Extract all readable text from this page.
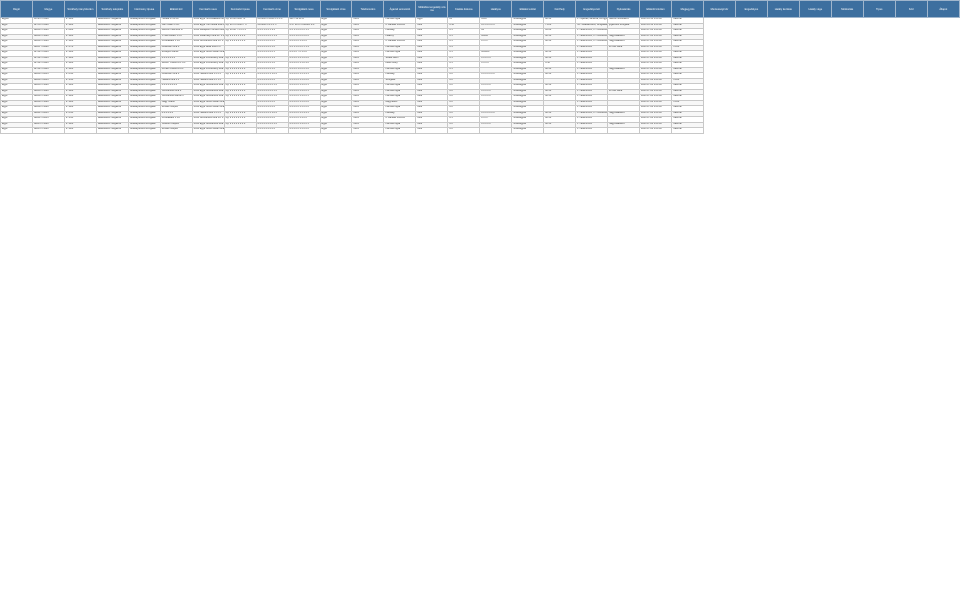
Régió	Megye	Székhely irányítószám	Székhely település	Intézmény típusa	Ellátotti kör	Fenntartó neve	Fenntartó típusa	Fenntartó címe	Szolgáltató neve	Szolgáltató címe	Telefonszám	Ágazati azonosító	Működési engedély száma	Kiadás dátuma	Hatályos	Ellátási terület	Férőhely	Engedélyezett	Nyitvatartás	Ellátotti létszám	Megjegyzés	Mentességi kör	Engedélyes	Hatály kezdete	Hatály vége	Módosítás	Típus	Kód	Állapot
Egyéb	06725 3 6586	8. 2/86	Bedeveszer megalivis	Szabálysértési szolgálat	Hivatal 0704 A8	0330 Egye Hozzávállalós ut	Gy. 06 80 8306 74	00-4034 6 8356 6 0 0 0	2017.12.12 a	Egyé	0001	Hármas foglal	egye	01	1603	Jóváhagyás	80.50	1 - Ajánlás, tanácsa, és egy	oklevél rendelkező	2005.05.12 1:00:00	Használ								
Egyé	02735 3 6586	8. 4/80	Bedeveszer megalivis	Szabálysértési szolgálat	CETONEN 0 KC	0330 Egyé Tóth utóda utca 8 8	Gy. 20 6 0 1063 7 4	00-6040 6 9 0 1 5	0 07 08 07 Kölcsön B 1.	Egyé	0001	0. Bárdiás Pénzes	utca	0.50	0.1 0 8 6 0 6	Jóváhagyás	71.80	33 - Adatkezelési, vizsgálatk	jogkezelő szolgálat	2005.05.12 1:00:00	Használ								
Egyé	02800 3 5026	8. 8/80	Bedeveszer megalivis	Szabálysértési szolgálat	Leonce Hallmunk B	0330 Budapest Honvéd utca	Gy. 06 80 7 3 0 0 4	0 0 0 5 0 6 5 9 4	0 0 1 5 0 0 0 0 1 3	Egyé	0001	Hatóság	utca	0.1	04	Jóváhagyás	83.60	1 - Ellenőrzés, 4 - Összetűzés		2005.07.06 1:00:00	Használ								
Egyé	02800 3 5026	8. 4/80	Bedeveszer megalivis	Szabálysértési szolgálat	STRASSLER 1 KC	0330 Vásárhelyi utca 80. 1 0	Gy. 2 0 6 0 1 0 6 0	0 0 0 0 0 0 0 5 1 4	0 0 0 1 2 0 0 0 8 6	Egyé	0001	Pálazsy	utca	0.1	06400	Jóváhagyás	80.50	1 - Ellenőrzés, 4 - Összetűzés	nagyvállalkozó	2005.07.06 1:00:00	Használ								
Egyé	02800 3 5026	8. 4/80	Bedeveszer megalivis	Szabálysértési szolgálat	Pézsfálkafé 1 KC	0330 Szentendre utca 14. 1	Gy. 2 0 0 6 0 5 0 6	0 0 0 0 0 8 0 0 0	0 0 0 0 0 1 4 0 0	Egyé	0001	0. Bárdiás Pénzes	utca	0.1	8 6 6 7	Jóváhagyás	80.50	1 - Ellenőrzés, 4 - Összetűzés	nagyvállalkozó	2005.07.06 1:00:00	Használ								
Egyé	02807 3 8020	8. 0/70	Bedeveszer megalivis	Szabálysértési szolgálat	Andersen utca 6	0330 Egyé Béke utca 6 6		0 0 0 0 0 0 0 5 0	0 0 1 5 0 6 0 5 1 4	Egyé	0001	Hármas foglal	utca	0.4		Jóváhagyás		1 - Ellenőrzés	ez van hátra	2005.07.06 1:00:00	Törölt								
Egyé	02781 3 6403	8. 4/80	Bedeveszer megalivis	Szabálysértési szolgálat	Mihálydó János	0330 Egyé Szent István utca		0 0 0 0 0 0 6 0 5	0 0 0 0 7 0 1 0 8	Egyé	0001	Hármas foglal	utca	0.1	000000	Jóváhagyás	80.50	1 - Ellenőrzés		2005.07.06 1:00:00	Használ								
Egyé	02781 3 6403	8. 4/80	Bedeveszer megalivis	Szabálysértési szolgálat	0.0.0.0.0.0.0	0330 Egyé Vörösmarty utca 0 6	Gy. 2 0 0 4 0 3 4 0	0 0 0 0 0 0 6 1 4	0 0 0 0 1 4 5 0 6 0	Egyé	0001	Szalai Jelen	utca	0.1	0 0 8 6 6	Jóváhagyás	80.50	1 - Ellenőrzés		2005.07.06 1:00:00	Használ								
Egyé	02781 3 6403	8. 4/80	Bedeveszer megalivis	Szabálysértési szolgálat	BAKAT OLEPKA 1 KC	0330 Egyé Vörösmarty utca 0 6	Gy. 2 0 0 4 0 6 0 6	0 0 0 0 0 0 6 5 0	0 0 0 0 0 1 5 8 4 0	Egyé	0001	Kalos Iosky	utca	0.1	0 6 6 6	Jóváhagyás	0.50	1 - Ellenőrzés		2005.07.06 1:00:00	Használ								
Egyé	02781 3 6403	8. 4/80	Bedeveszer megalivis	Szabálysértési szolgálat	PATEN OLEPKA KC	0330 Egyé Vörösmarty utca 0 6	Gy. 2 0 0 4 0 6 0 6	0 0 0 0 0 0 6 5 0	0 0 0 0 1 2 2 0 3 2	Egyé	0001	Hármas foglal	utca	0.1		Jóváhagyás	80.50	1 - Ellenőrzés	nagyvállalkozó	2005.07.06 1:00:00	Használ								
Egyé	02800 3 8013	8. 8/13	Bedeveszer megalivis	Szabálysértési szolgálat	Andersen utca 6	0330 Hatvani utca 1 6 0 0	Gy. 2 0 6 0 1 0 6 8	0 0 0 0 0 0 3 1 8 6	0 0 0 0 0 1 3 4 4 5	Egyé	0001	Hatóság	utca	0.0	0 0 0 0 0 0 0	Jóváhagyás	80.50	1 - Ellenőrzés		2005.07.06 1:00:00	Használ								
Egyé	02800 3 8013	8. 4/13	Bedeveszer megalivis	Szabálysértési szolgálat	Hatvani utca 2 6	0330 Hatvani utca 2 0 1 0		0 0 0 0 0 0 0 0 0	0 0 0 0 0 1 3 2 0 0	Egyé	0001	Szolgálat	utca	0.0		Jóváhagyás		1 - Ellenőrzés		2005.07.06 1:00:00	Törölt								
Egyé	02803 3 5026	8. 4/80	Bedeveszer megalivis	Szabálysértési szolgálat	0.0.0.0.0.0.0.0	0330 Egyé Szentendre utca 0 0	Gy. 2 0 0 4 0 6 0 6	0 0 0 0 0 0 0 6 5 0	0 0 0 0 0 1 4 0 0 5	Egyé	0001	Hármas foglal	utca	0.0	0 0 0 0 0	Jóváhagyás	80.50	1 - Ellenőrzés		2005.07.06 1:00:00	Használ								
Egyé	02803 3 5026	8. 4/80	Bedeveszer megalivis	Szabálysértési szolgálat	Szentendre utca 6	0330 Egyé Szentendre utca 0 0	Gy. 2 0 0 4 0 6 0 6	0 0 0 0 0 0 0 6 5 0	0 0 0 0 0 1 4 0 0 5	Egyé	0001	Hármas foglal	utca	0.0	0 0 0 0 0	Jóváhagyás	80.50	1 - Ellenőrzés	ez van hátra	2005.07.06 1:00:00	Használ								
Egyé	02806 3 5026	8. 4/80	Bedeveszer megalivis	Szabálysértési szolgálat	Szentendre Bartók 6	0330 Egyé Szentendre utca 0 0	Gy. 2 0 0 4 0 6 0 6	0 0 0 0 0 0 0 6 5 0	0 0 0 0 0 1 4 0 0 5	Egyé	0001	Hármas foglal	utca	0.0	0 0 0 0 0	Jóváhagyás	80.50	1 - Ellenőrzés		2005.07.06 1:00:00	Használ								
Egyé	02809 3 5026	8. 4/80	Bedeveszer megalivis	Szabálysértési szolgálat	Nagy Szabó	0330 Egyé Szent István utca		0 0 0 0 0 0 0 0 0	0 0 0 0 0 1 3 2 0 0	Egyé	0001	Nagyrétesz	utca	0.0		Jóváhagyás		1 - Ellenőrzés		2005.07.06 1:00:00	Törölt								
Egyé	02809 3 5026	8. 4/80	Bedeveszer megalivis	Szabálysértési szolgálat	Ronald Szépen	0330 Egyé Szent István utca		0 0 0 0 0 0 0 0 0	0 0 0 0 0 1 3 2 0 0	Egyé	0001	Hármas foglal	utca	0.0		Jóváhagyás		1 - Ellenőrzés		2005.07.06 1:00:00	Használ								
Egyé	02812 3 8013	8. 8/13	Bedeveszer megalivis	Szabálysértési szolgálat	0.0.0.0.0.0	0330 Hatvani utca 1 6 0 0	Gy. 2 0 6 0 1 0 6 8	0 0 0 0 0 0 3 1 8 6	0 0 0 0 0 1 3 4 4 5	Egyé	0001	Hatóság	utca	0.0	0 0 0 0 0 0 0	Jóváhagyás	80.50	1 - Ellenőrzés, 4 - Összetűzés	nagyvállalkozó	2005.07.06 1:00:00	Használ								
Egyé	02812 3 8013	8. 4/13	Bedeveszer megalivis	Szabálysértési szolgálat	Pézsfálkafé 1 KC	0330 Szentendre utca 14. 1	Gy. 2 0 0 6 0 5 0 6	0 0 0 0 0 8 0 0 0	0 0 0 0 0 1 4 0 0	Egyé	0001	0. Bárdiás Pénzes	utca	0.1	8 6 6 7	Jóváhagyás	80.50	1 - Ellenőrzés		2005.07.06 1:00:00	Használ								
Egyé	02815 3 5026	8. 4/80	Bedeveszer megalivis	Szabálysértési szolgálat	Szaboló Olepka	0330 Egyé Szentendre utca 0 0	Gy. 2 0 0 4 0 6 0 6	0 0 0 0 0 0 0 6 5 0	0 0 0 0 0 1 4 0 0 5	Egyé	0001	Hármas foglal	utca	0.0	0 0 0 0 0	Jóváhagyás	80.50	1 - Ellenőrzés	nagyvállalkozó	2005.07.06 1:00:00	Használ								
Egyé	02815 3 5026	8. 4/80	Bedeveszer megalivis	Szabálysértési szolgálat	Ronald Szépen	0330 Egyé Szent István utca		0 0 0 0 0 0 0 0 0	0 0 0 0 0 1 3 2 0 0	Egyé	0001	Hármas foglal	utca	0.0		Jóváhagyás		1 - Ellenőrzés		2005.07.06 1:00:00	Használ								
